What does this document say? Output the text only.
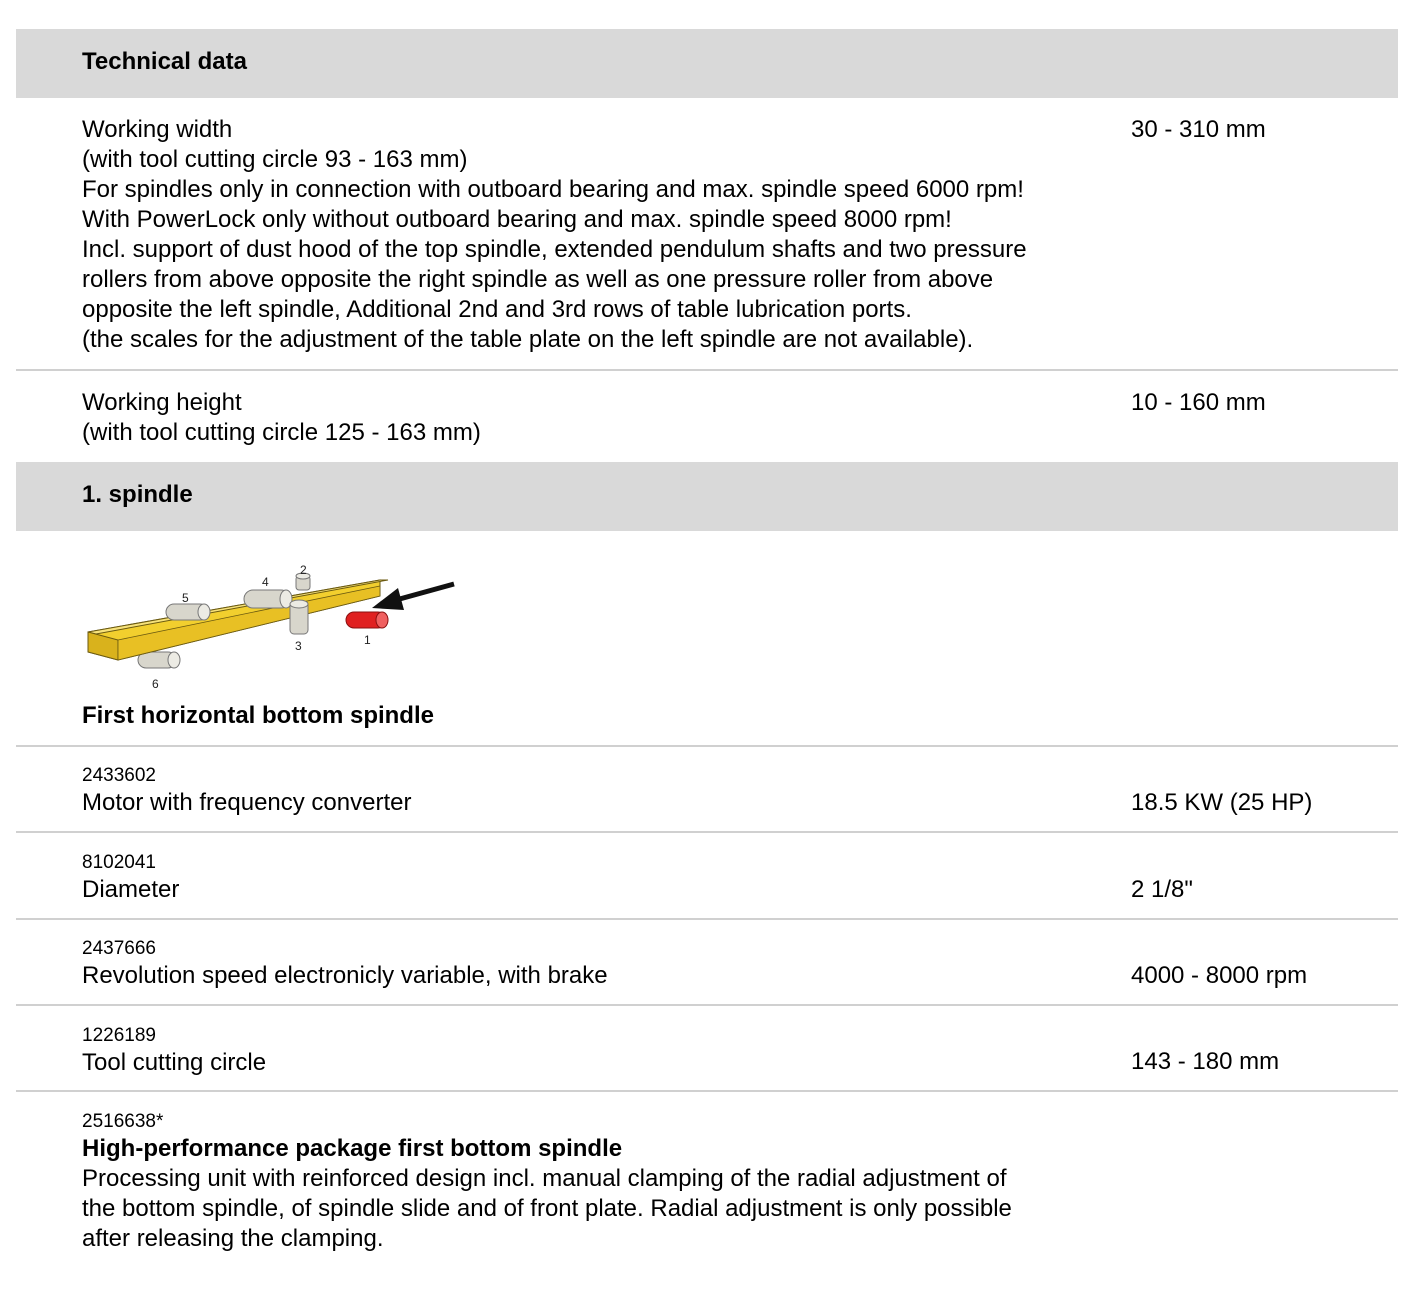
Technical data
Working width
(with tool cutting circle 93 - 163 mm)
For spindles only in connection with outboard bearing and max. spindle speed 6000 rpm!
With PowerLock only without outboard bearing and max. spindle speed 8000 rpm!
Incl. support of dust hood of the top spindle, extended pendulum shafts and two pressure
rollers from above opposite the right spindle as well as one pressure roller from above
opposite the left spindle, Additional 2nd and 3rd rows of table lubrication ports.
(the scales for the adjustment of the table plate on the left spindle are not available).
30 - 310 mm
Working height
(with tool cutting circle 125 - 163 mm)
10 - 160 mm
1. spindle
1
2
3
4
5
6
First horizontal bottom spindle
2433602
Motor with frequency converter	18.5 KW (25 HP)
8102041
Diameter	2 1/8"
2437666
Revolution speed electronicly variable, with brake	4000 - 8000 rpm
1226189
Tool cutting circle	143 - 180 mm
2516638*
High-performance package first bottom spindle
Processing unit with reinforced design incl. manual clamping of the radial adjustment of
the bottom spindle, of spindle slide and of front plate. Radial adjustment is only possible
after releasing the clamping.
